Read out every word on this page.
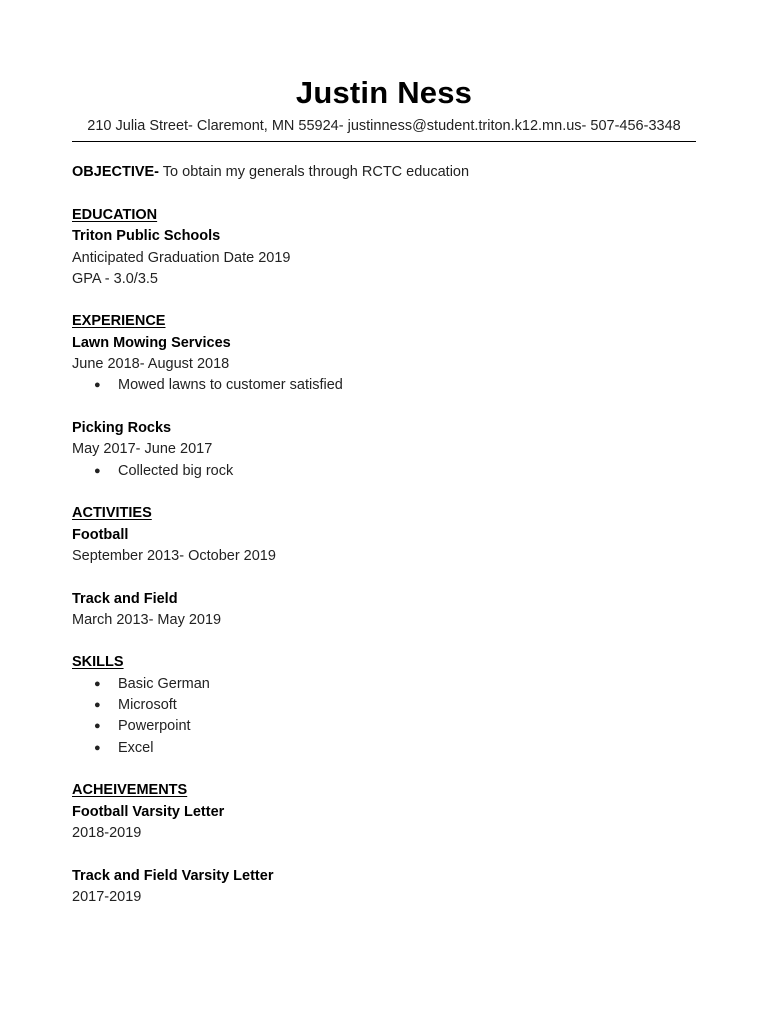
Justin Ness
210 Julia Street- Claremont, MN 55924- justinness@student.triton.k12.mn.us- 507-456-3348
OBJECTIVE- To obtain my generals through RCTC education
EDUCATION
Triton Public Schools
Anticipated Graduation Date 2019
GPA - 3.0/3.5
EXPERIENCE
Lawn Mowing Services
June 2018- August 2018
● Mowed lawns to customer satisfied
Picking Rocks
May 2017- June 2017
● Collected big rock
ACTIVITIES
Football
September 2013- October 2019
Track and Field
March 2013- May 2019
SKILLS
● Basic German
● Microsoft
● Powerpoint
● Excel
ACHEIVEMENTS
Football Varsity Letter
2018-2019
Track and Field Varsity Letter
2017-2019
